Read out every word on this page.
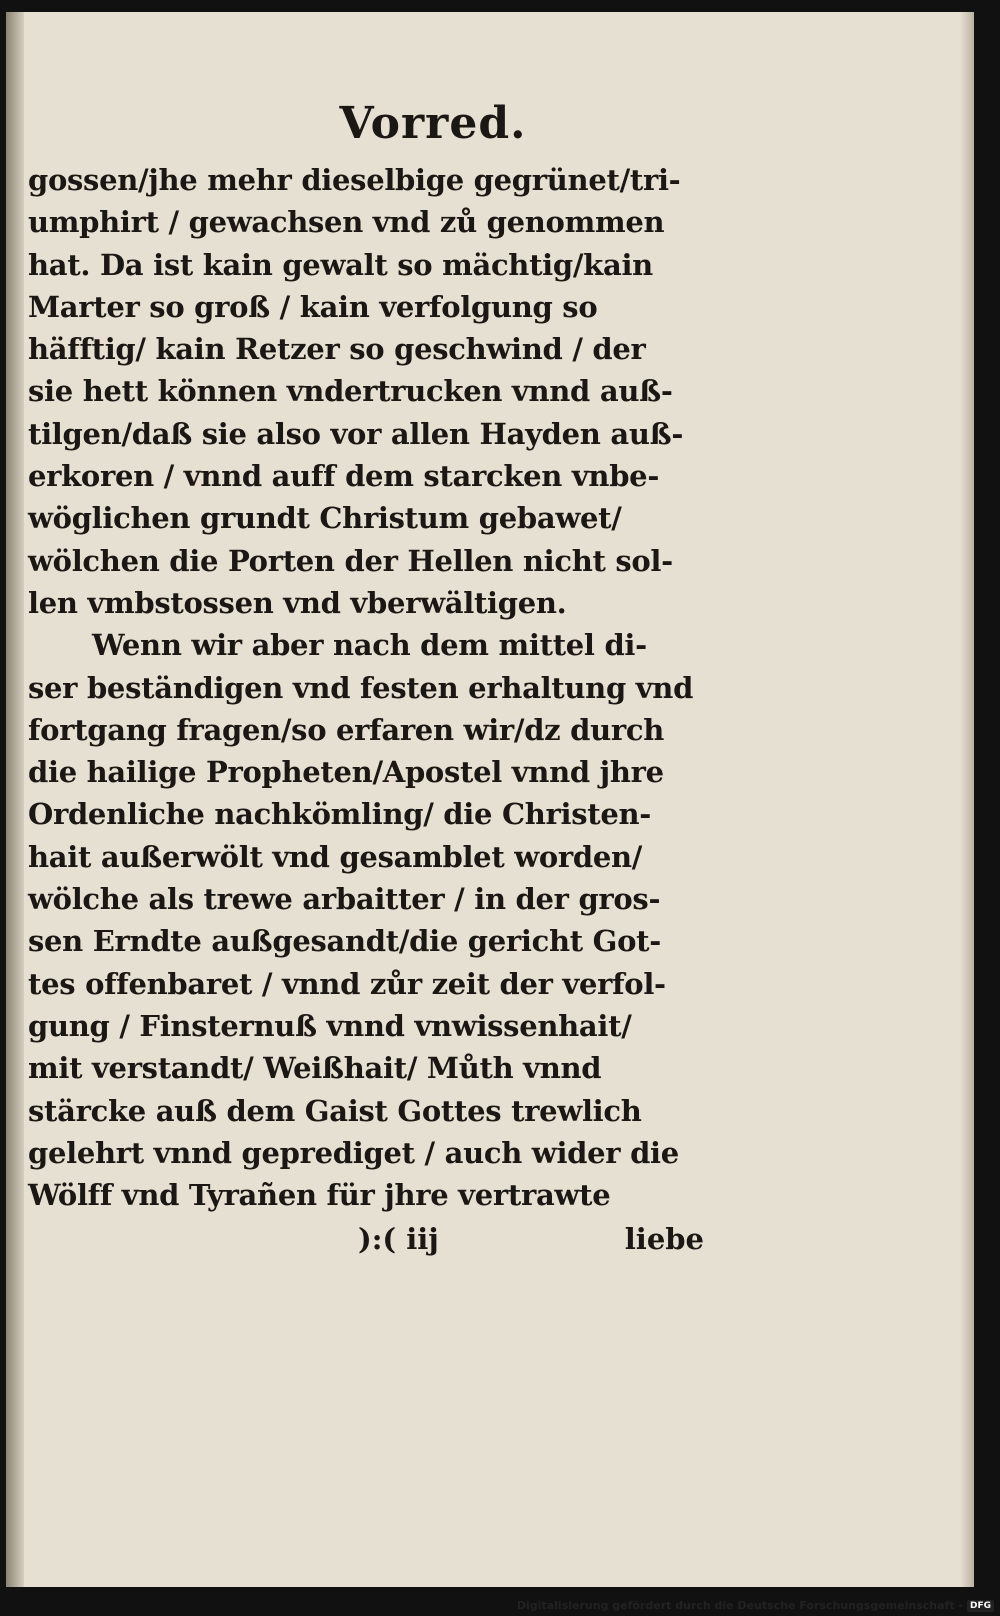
Vorred.
gossen/jhe mehr dieselbige gegrünet/tri-
umphirt / gewachsen vnd zů genommen
hat. Da ist kain gewalt so mächtig/kain
Marter so groß / kain verfolgung so
häfftig/ kain Retzer so geschwind / der
sie hett können vndertrucken vnnd auß-
tilgen/daß sie also vor allen Hayden auß-
erkoren / vnnd auff dem starcken vnbe-
wöglichen grundt Christum gebawet/
wölchen die Porten der Hellen nicht sol-
len vmbstossen vnd vberwältigen.
Wenn wir aber nach dem mittel di-
ser beständigen vnd festen erhaltung vnd
fortgang fragen/so erfaren wir/dz durch
die hailige Propheten/Apostel vnnd jhre
Ordenliche nachkömling/ die Christen-
hait außerwölt vnd gesamblet worden/
wölche als trewe arbaitter / in der gros-
sen Erndte außgesandt/die gericht Got-
tes offenbaret / vnnd zůr zeit der verfol-
gung / Finsternuß vnnd vnwissenhait/
mit verstandt/ Weißhait/ Můth vnnd
stärcke auß dem Gaist Gottes trewlich
gelehrt vnnd geprediget / auch wider die
Wölff vnd Tyrañen für jhre vertrawte
):( iij	liebe
Digitalisierung gefördert durch die Deutsche Forschungsgemeinschaft - DFG
